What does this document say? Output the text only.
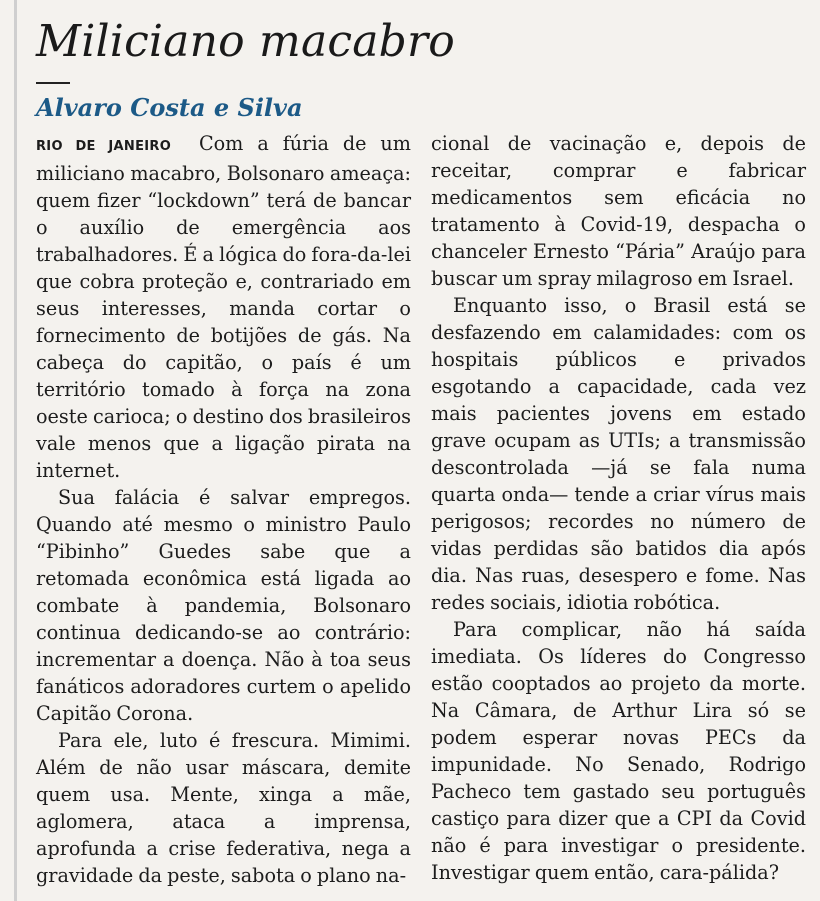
Miliciano macabro
Alvaro Costa e Silva

RIO DE JANEIRO Com a fúria de um miliciano macabro, Bolsonaro ameaça: quem fizer “lockdown” terá de bancar o auxílio de emergência aos trabalhadores. É a lógica do fora-da-lei que cobra proteção e, contrariado em seus interesses, manda cortar o fornecimento de botijões de gás. Na cabeça do capitão, o país é um território tomado à força na zona oeste carioca; o destino dos brasileiros vale menos que a ligação pirata na internet.

Sua falácia é salvar empregos. Quando até mesmo o ministro Paulo “Pibinho” Guedes sabe que a retomada econômica está ligada ao combate à pandemia, Bolsonaro continua dedicando-se ao contrário: incrementar a doença. Não à toa seus fanáticos adoradores curtem o apelido Capitão Corona.

Para ele, luto é frescura. Mimimi. Além de não usar máscara, demite quem usa. Mente, xinga a mãe, aglomera, ataca a imprensa, aprofunda a crise federativa, nega a gravidade da peste, sabota o plano na-

cional de vacinação e, depois de receitar, comprar e fabricar medicamentos sem eficácia no tratamento à Covid-19, despacha o chanceler Ernesto “Pária” Araújo para buscar um spray milagroso em Israel.

Enquanto isso, o Brasil está se desfazendo em calamidades: com os hospitais públicos e privados esgotando a capacidade, cada vez mais pacientes jovens em estado grave ocupam as UTIs; a transmissão descontrolada —já se fala numa quarta onda— tende a criar vírus mais perigosos; recordes no número de vidas perdidas são batidos dia após dia. Nas ruas, desespero e fome. Nas redes sociais, idiotia robótica.

Para complicar, não há saída imediata. Os líderes do Congresso estão cooptados ao projeto da morte. Na Câmara, de Arthur Lira só se podem esperar novas PECs da impunidade. No Senado, Rodrigo Pacheco tem gastado seu português castiço para dizer que a CPI da Covid não é para investigar o presidente. Investigar quem então, cara-pálida?
